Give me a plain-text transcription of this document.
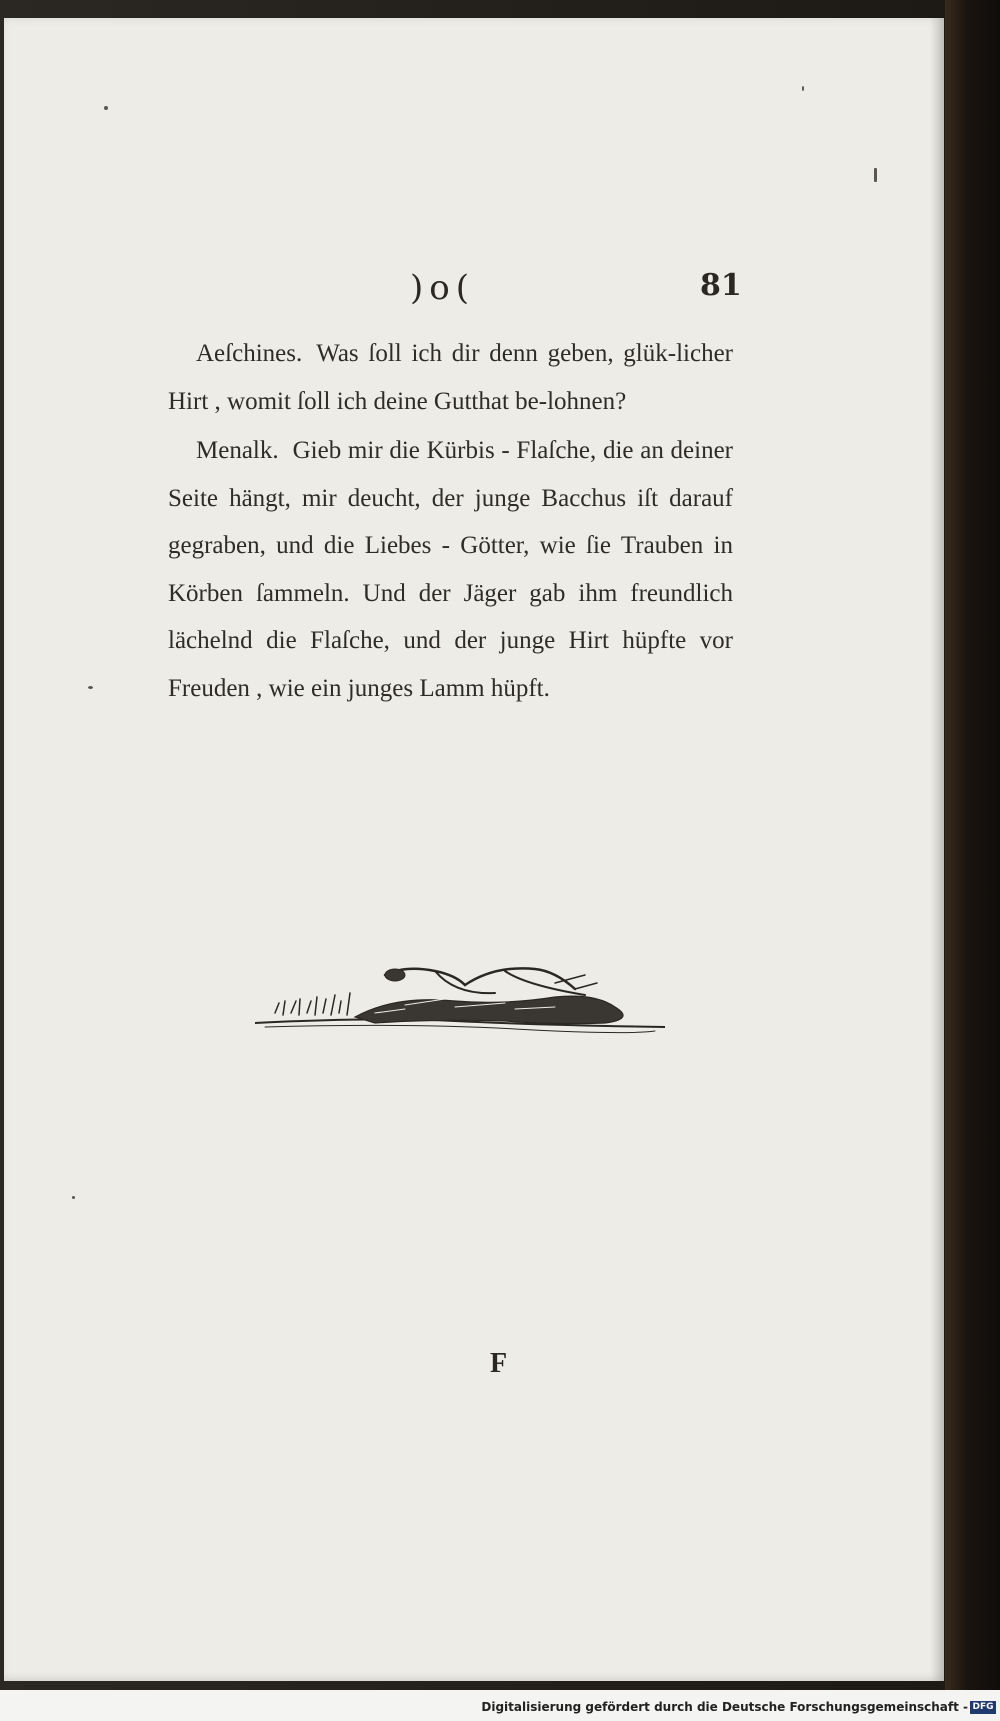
)o(	81

Aeſchines. Was ſoll ich dir denn geben, glük-licher Hirt , womit ſoll ich deine Gutthat be-lohnen?

Menalk. Gieb mir die Kürbis - Flaſche, die an deiner Seite hängt, mir deucht, der junge Bacchus iſt darauf gegraben, und die Liebes - Götter, wie ſie Trauben in Körben ſammeln. Und der Jäger gab ihm freundlich lächelnd die Flaſche, und der junge Hirt hüpfte vor Freuden , wie ein junges Lamm hüpft.

F
Digitalisierung gefördert durch die Deutsche Forschungsgemeinschaft - DFG
